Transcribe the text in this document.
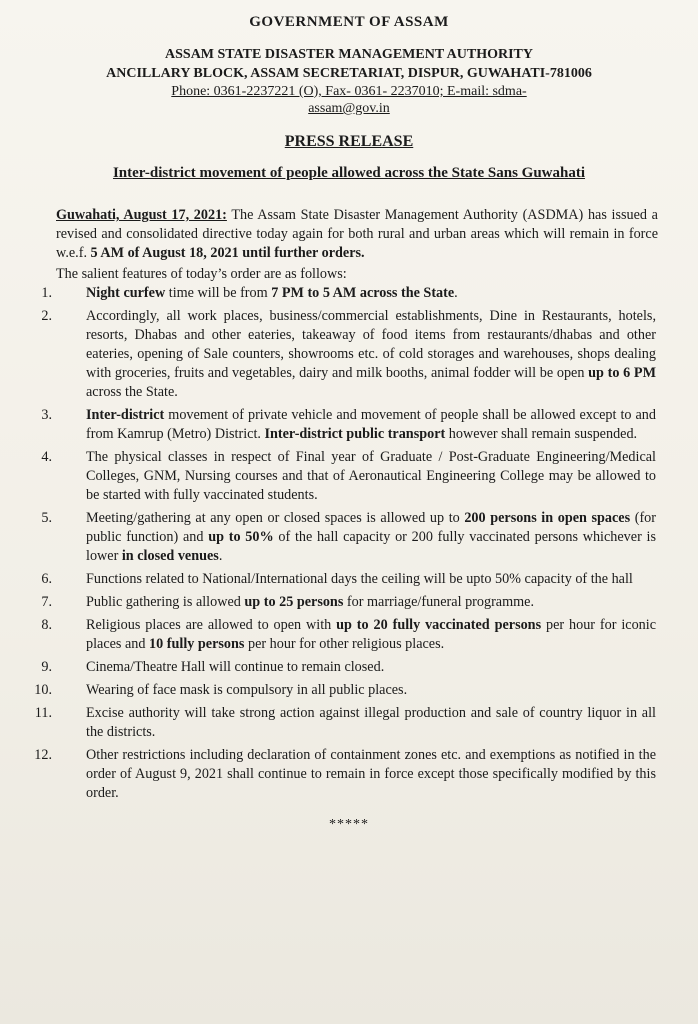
GOVERNMENT OF ASSAM
ASSAM STATE DISASTER MANAGEMENT AUTHORITY
ANCILLARY BLOCK, ASSAM SECRETARIAT, DISPUR, GUWAHATI-781006
Phone: 0361-2237221 (O), Fax- 0361- 2237010; E-mail: sdma-
assam@gov.in
PRESS RELEASE
Inter-district movement of people allowed across the State Sans Guwahati
Guwahati, August 17, 2021: The Assam State Disaster Management Authority (ASDMA) has issued a revised and consolidated directive today again for both rural and urban areas which will remain in force w.e.f. 5 AM of August 18, 2021 until further orders.
The salient features of today’s order are as follows:
1.	Night curfew time will be from 7 PM to 5 AM across the State.
2.	Accordingly, all work places, business/commercial establishments, Dine in Restaurants, hotels, resorts, Dhabas and other eateries, takeaway of food items from restaurants/dhabas and other eateries, opening of Sale counters, showrooms etc. of cold storages and warehouses, shops dealing with groceries, fruits and vegetables, dairy and milk booths, animal fodder will be open up to 6 PM across the State.
3.	Inter-district movement of private vehicle and movement of people shall be allowed except to and from Kamrup (Metro) District. Inter-district public transport however shall remain suspended.
4.	The physical classes in respect of Final year of Graduate / Post-Graduate Engineering/Medical Colleges, GNM, Nursing courses and that of Aeronautical Engineering College may be allowed to be started with fully vaccinated students.
5.	Meeting/gathering at any open or closed spaces is allowed up to 200 persons in open spaces (for public function) and up to 50% of the hall capacity or 200 fully vaccinated persons whichever is lower in closed venues.
6.	Functions related to National/International days the ceiling will be upto 50% capacity of the hall
7.	Public gathering is allowed up to 25 persons for marriage/funeral programme.
8.	Religious places are allowed to open with up to 20 fully vaccinated persons per hour for iconic places and 10 fully persons per hour for other religious places.
9.	Cinema/Theatre Hall will continue to remain closed.
10.	Wearing of face mask is compulsory in all public places.
11.	Excise authority will take strong action against illegal production and sale of country liquor in all the districts.
12.	Other restrictions including declaration of containment zones etc. and exemptions as notified in the order of August 9, 2021 shall continue to remain in force except those specifically modified by this order.
*****
